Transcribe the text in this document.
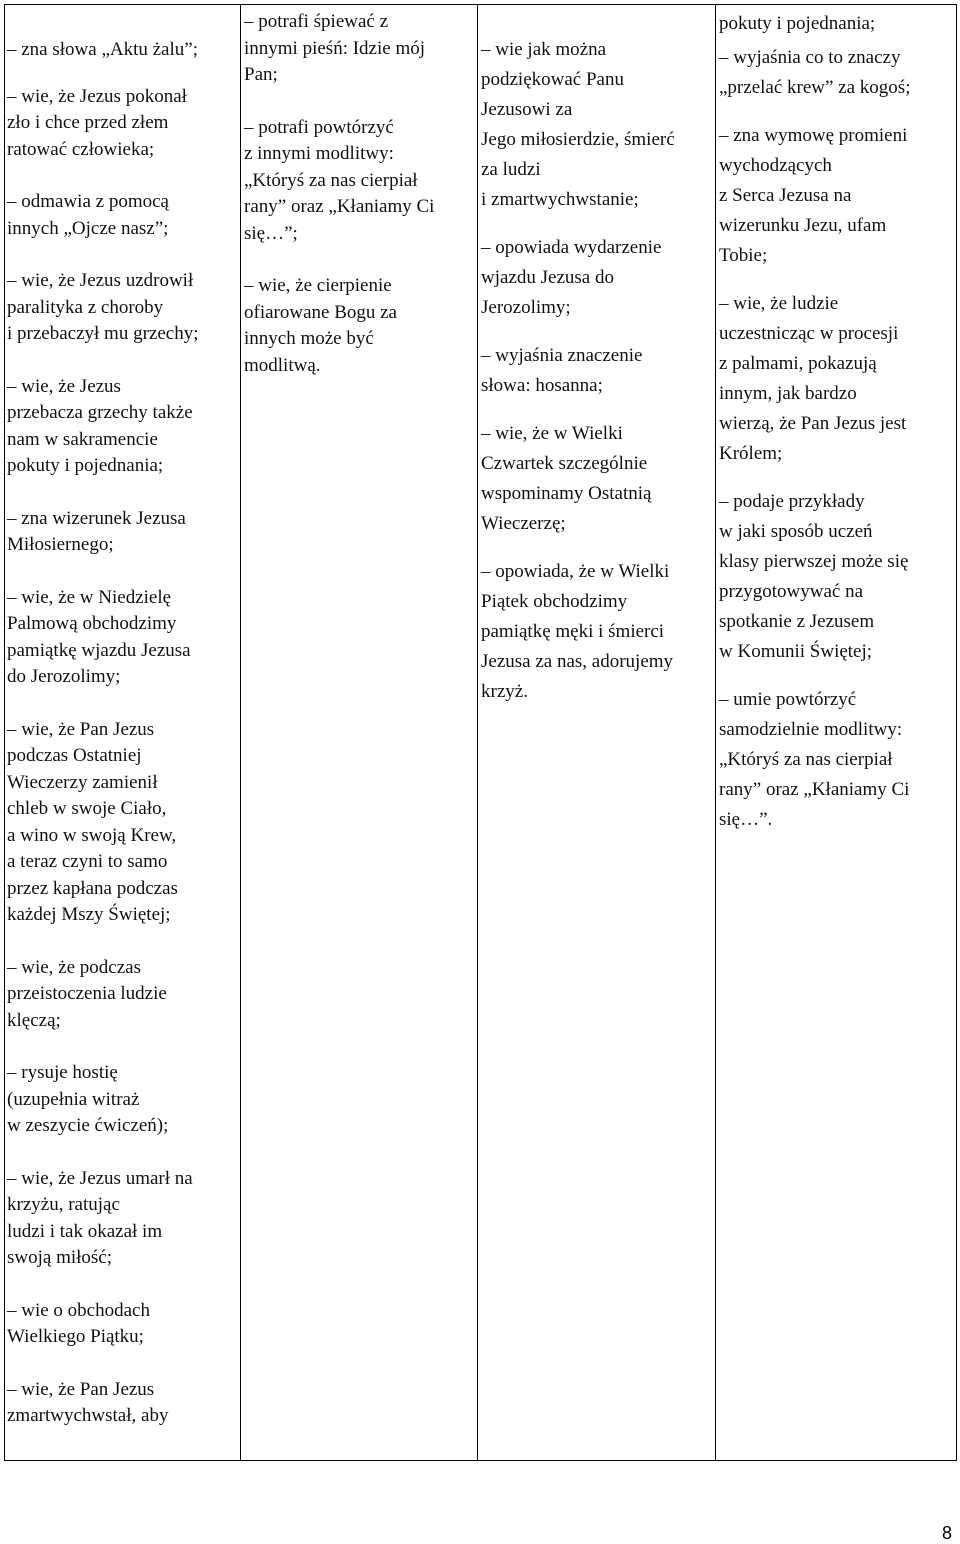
– zna słowa „Aktu żalu”;

– wie, że Jezus pokonał
zło i chce przed złem
ratować człowieka;

– odmawia z pomocą
innych „Ojcze nasz”;

– wie, że Jezus uzdrowił
paralityka z choroby
i przebaczył mu grzechy;

– wie, że Jezus
przebacza grzechy także
nam w sakramencie
pokuty i pojednania;

– zna wizerunek Jezusa
Miłosiernego;

– wie, że w Niedzielę
Palmową obchodzimy
pamiątkę wjazdu Jezusa
do Jerozolimy;

– wie, że Pan Jezus
podczas Ostatniej
Wieczerzy zamienił
chleb w swoje Ciało,
a wino w swoją Krew,
a teraz czyni to samo
przez kapłana podczas
każdej Mszy Świętej;

– wie, że podczas
przeistoczenia ludzie
klęczą;

– rysuje hostię
(uzupełnia witraż
w zeszycie ćwiczeń);

– wie, że Jezus umarł na
krzyżu, ratując
ludzi i tak okazał im
swoją miłość;

– wie o obchodach
Wielkiego Piątku;

– wie, że Pan Jezus
zmartwychwstał, aby

– potrafi śpiewać z
innymi pieśń: Idzie mój
Pan;

– potrafi powtórzyć
z innymi modlitwy:
„Któryś za nas cierpiał
rany” oraz „Kłaniamy Ci
się…”;

– wie, że cierpienie
ofiarowane Bogu za
innych może być
modlitwą.

– wie jak można
podziękować Panu
Jezusowi za
Jego miłosierdzie, śmierć
za ludzi
i zmartwychwstanie;

– opowiada wydarzenie
wjazdu Jezusa do
Jerozolimy;

– wyjaśnia znaczenie
słowa: hosanna;

– wie, że w Wielki
Czwartek szczególnie
wspominamy Ostatnią
Wieczerzę;

– opowiada, że w Wielki
Piątek obchodzimy
pamiątkę męki i śmierci
Jezusa za nas, adorujemy
krzyż.

pokuty i pojednania;

– wyjaśnia co to znaczy
„przelać krew” za kogoś;

– zna wymowę promieni
wychodzących
z Serca Jezusa na
wizerunku Jezu, ufam
Tobie;

– wie, że ludzie
uczestnicząc w procesji
z palmami, pokazują
innym, jak bardzo
wierzą, że Pan Jezus jest
Królem;

– podaje przykłady
w jaki sposób uczeń
klasy pierwszej może się
przygotowywać na
spotkanie z Jezusem
w Komunii Świętej;

– umie powtórzyć
samodzielnie modlitwy:
„Któryś za nas cierpiał
rany” oraz „Kłaniamy Ci
się…”.

8
